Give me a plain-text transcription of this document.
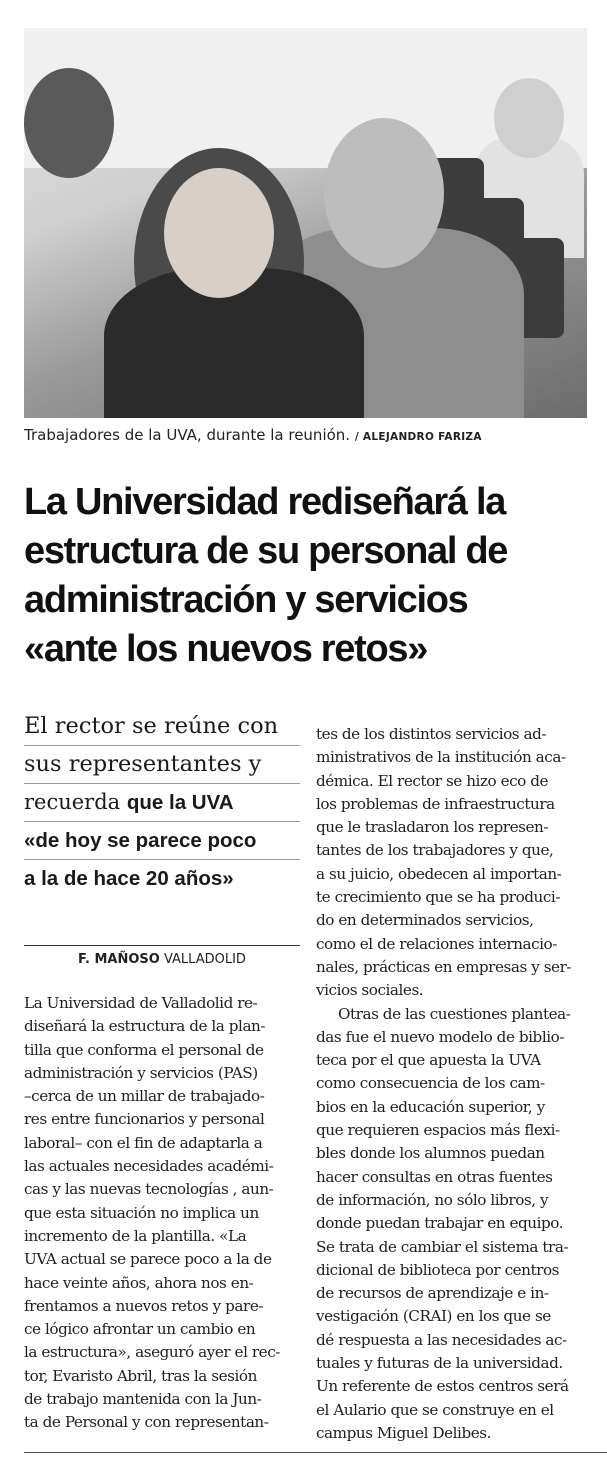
Trabajadores de la UVA, durante la reunión. / ALEJANDRO FARIZA
La Universidad rediseñará la
estructura de su personal de
administración y servicios
«ante los nuevos retos»
El rector se reúne con
sus representantes y
recuerda que la UVA
«de hoy se parece poco
a la de hace 20 años»
F. MAÑOSO VALLADOLID
La Universidad de Valladolid re-
diseñará la estructura de la plan-
tilla que conforma el personal de
administración y servicios (PAS)
–cerca de un millar de trabajado-
res entre funcionarios y personal
laboral– con el fin de adaptarla a
las actuales necesidades académi-
cas y las nuevas tecnologías , aun-
que esta situación no implica un
incremento de la plantilla. «La
UVA actual se parece poco a la de
hace veinte años, ahora nos en-
frentamos a nuevos retos y pare-
ce lógico afrontar un cambio en
la estructura», aseguró ayer el rec-
tor, Evaristo Abril, tras la sesión
de trabajo mantenida con la Jun-
ta de Personal y con representan-
tes de los distintos servicios ad-
ministrativos de la institución aca-
démica. El rector se hizo eco de
los problemas de infraestructura
que le trasladaron los represen-
tantes de los trabajadores y que,
a su juicio, obedecen al importan-
te crecimiento que se ha produci-
do en determinados servicios,
como el de relaciones internacio-
nales, prácticas en empresas y ser-
vicios sociales.
Otras de las cuestiones plantea-
das fue el nuevo modelo de biblio-
teca por el que apuesta la UVA
como consecuencia de los cam-
bios en la educación superior, y
que requieren espacios más flexi-
bles donde los alumnos puedan
hacer consultas en otras fuentes
de información, no sólo libros, y
donde puedan trabajar en equipo.
Se trata de cambiar el sistema tra-
dicional de biblioteca por centros
de recursos de aprendizaje e in-
vestigación (CRAI) en los que se
dé respuesta a las necesidades ac-
tuales y futuras de la universidad.
Un referente de estos centros será
el Aulario que se construye en el
campus Miguel Delibes.
